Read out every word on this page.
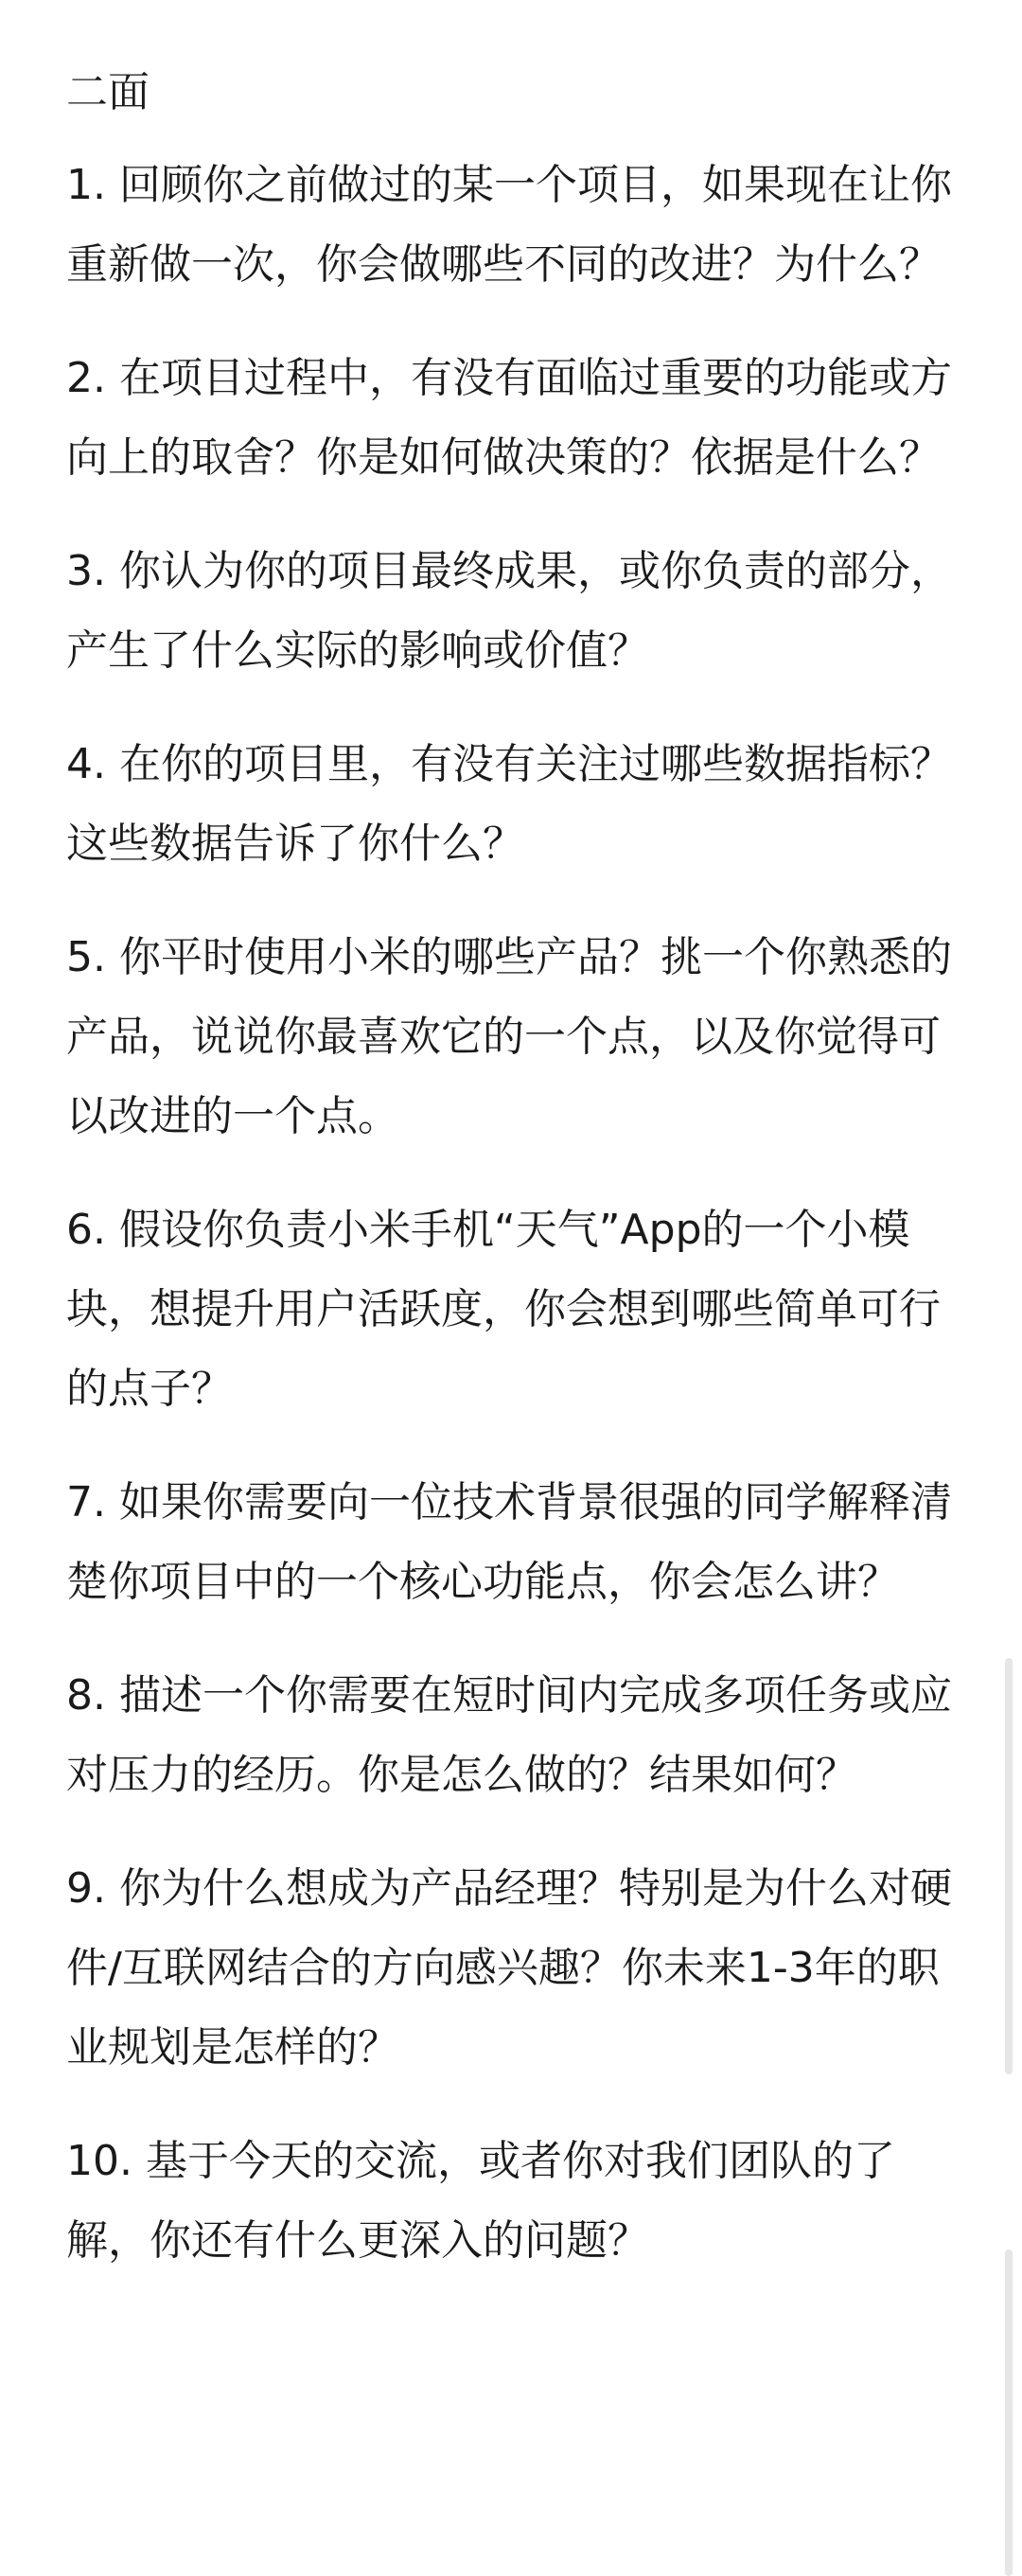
二面
1. 回顾你之前做过的某一个项目，如果现在让你重新做一次，你会做哪些不同的改进？为什么？
2. 在项目过程中，有没有面临过重要的功能或方向上的取舍？你是如何做决策的？依据是什么？
3. 你认为你的项目最终成果，或你负责的部分，产生了什么实际的影响或价值？
4. 在你的项目里，有没有关注过哪些数据指标？这些数据告诉了你什么？
5. 你平时使用小米的哪些产品？挑一个你熟悉的产品，说说你最喜欢它的一个点，以及你觉得可以改进的一个点。
6. 假设你负责小米手机“天气”App的一个小模块，想提升用户活跃度，你会想到哪些简单可行的点子？
7. 如果你需要向一位技术背景很强的同学解释清楚你项目中的一个核心功能点，你会怎么讲？
8. 描述一个你需要在短时间内完成多项任务或应对压力的经历。你是怎么做的？结果如何？
9. 你为什么想成为产品经理？特别是为什么对硬件/互联网结合的方向感兴趣？你未来1-3年的职业规划是怎样的？
10. 基于今天的交流，或者你对我们团队的了解，你还有什么更深入的问题？
